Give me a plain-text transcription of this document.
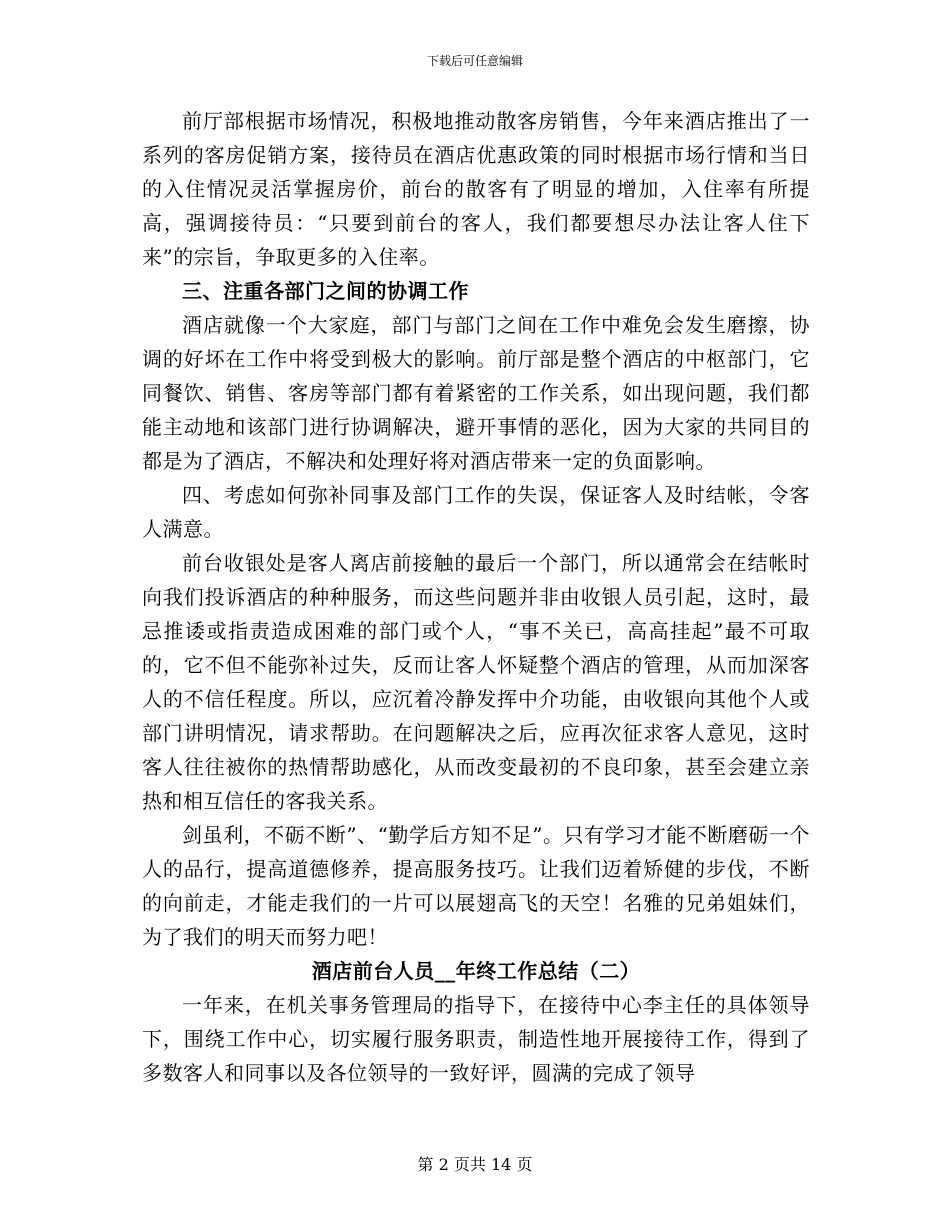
下载后可任意编辑

前厅部根据市场情况，积极地推动散客房销售，今年来酒店推出了一系列的客房促销方案，接待员在酒店优惠政策的同时根据市场行情和当日的入住情况灵活掌握房价，前台的散客有了明显的增加，入住率有所提高，强调接待员：“只要到前台的客人，我们都要想尽办法让客人住下来”的宗旨，争取更多的入住率。

三、注重各部门之间的协调工作

酒店就像一个大家庭，部门与部门之间在工作中难免会发生磨擦，协调的好坏在工作中将受到极大的影响。前厅部是整个酒店的中枢部门，它同餐饮、销售、客房等部门都有着紧密的工作关系，如出现问题，我们都能主动地和该部门进行协调解决，避开事情的恶化，因为大家的共同目的都是为了酒店，不解决和处理好将对酒店带来一定的负面影响。

四、考虑如何弥补同事及部门工作的失误，保证客人及时结帐，令客人满意。

前台收银处是客人离店前接触的最后一个部门，所以通常会在结帐时向我们投诉酒店的种种服务，而这些问题并非由收银人员引起，这时，最忌推诿或指责造成困难的部门或个人，“事不关已，高高挂起”最不可取的，它不但不能弥补过失，反而让客人怀疑整个酒店的管理，从而加深客人的不信任程度。所以，应沉着冷静发挥中介功能，由收银向其他个人或部门讲明情况，请求帮助。在问题解决之后，应再次征求客人意见，这时客人往往被你的热情帮助感化，从而改变最初的不良印象，甚至会建立亲热和相互信任的客我关系。

剑虽利，不砺不断”、“勤学后方知不足”。只有学习才能不断磨砺一个人的品行，提高道德修养，提高服务技巧。让我们迈着矫健的步伐，不断的向前走，才能走我们的一片可以展翅高飞的天空！名雅的兄弟姐妹们，为了我们的明天而努力吧！

酒店前台人员__年终工作总结（二）

一年来，在机关事务管理局的指导下，在接待中心李主任的具体领导下，围绕工作中心，切实履行服务职责，制造性地开展接待工作，得到了多数客人和同事以及各位领导的一致好评，圆满的完成了领导

第 2 页共 14 页
